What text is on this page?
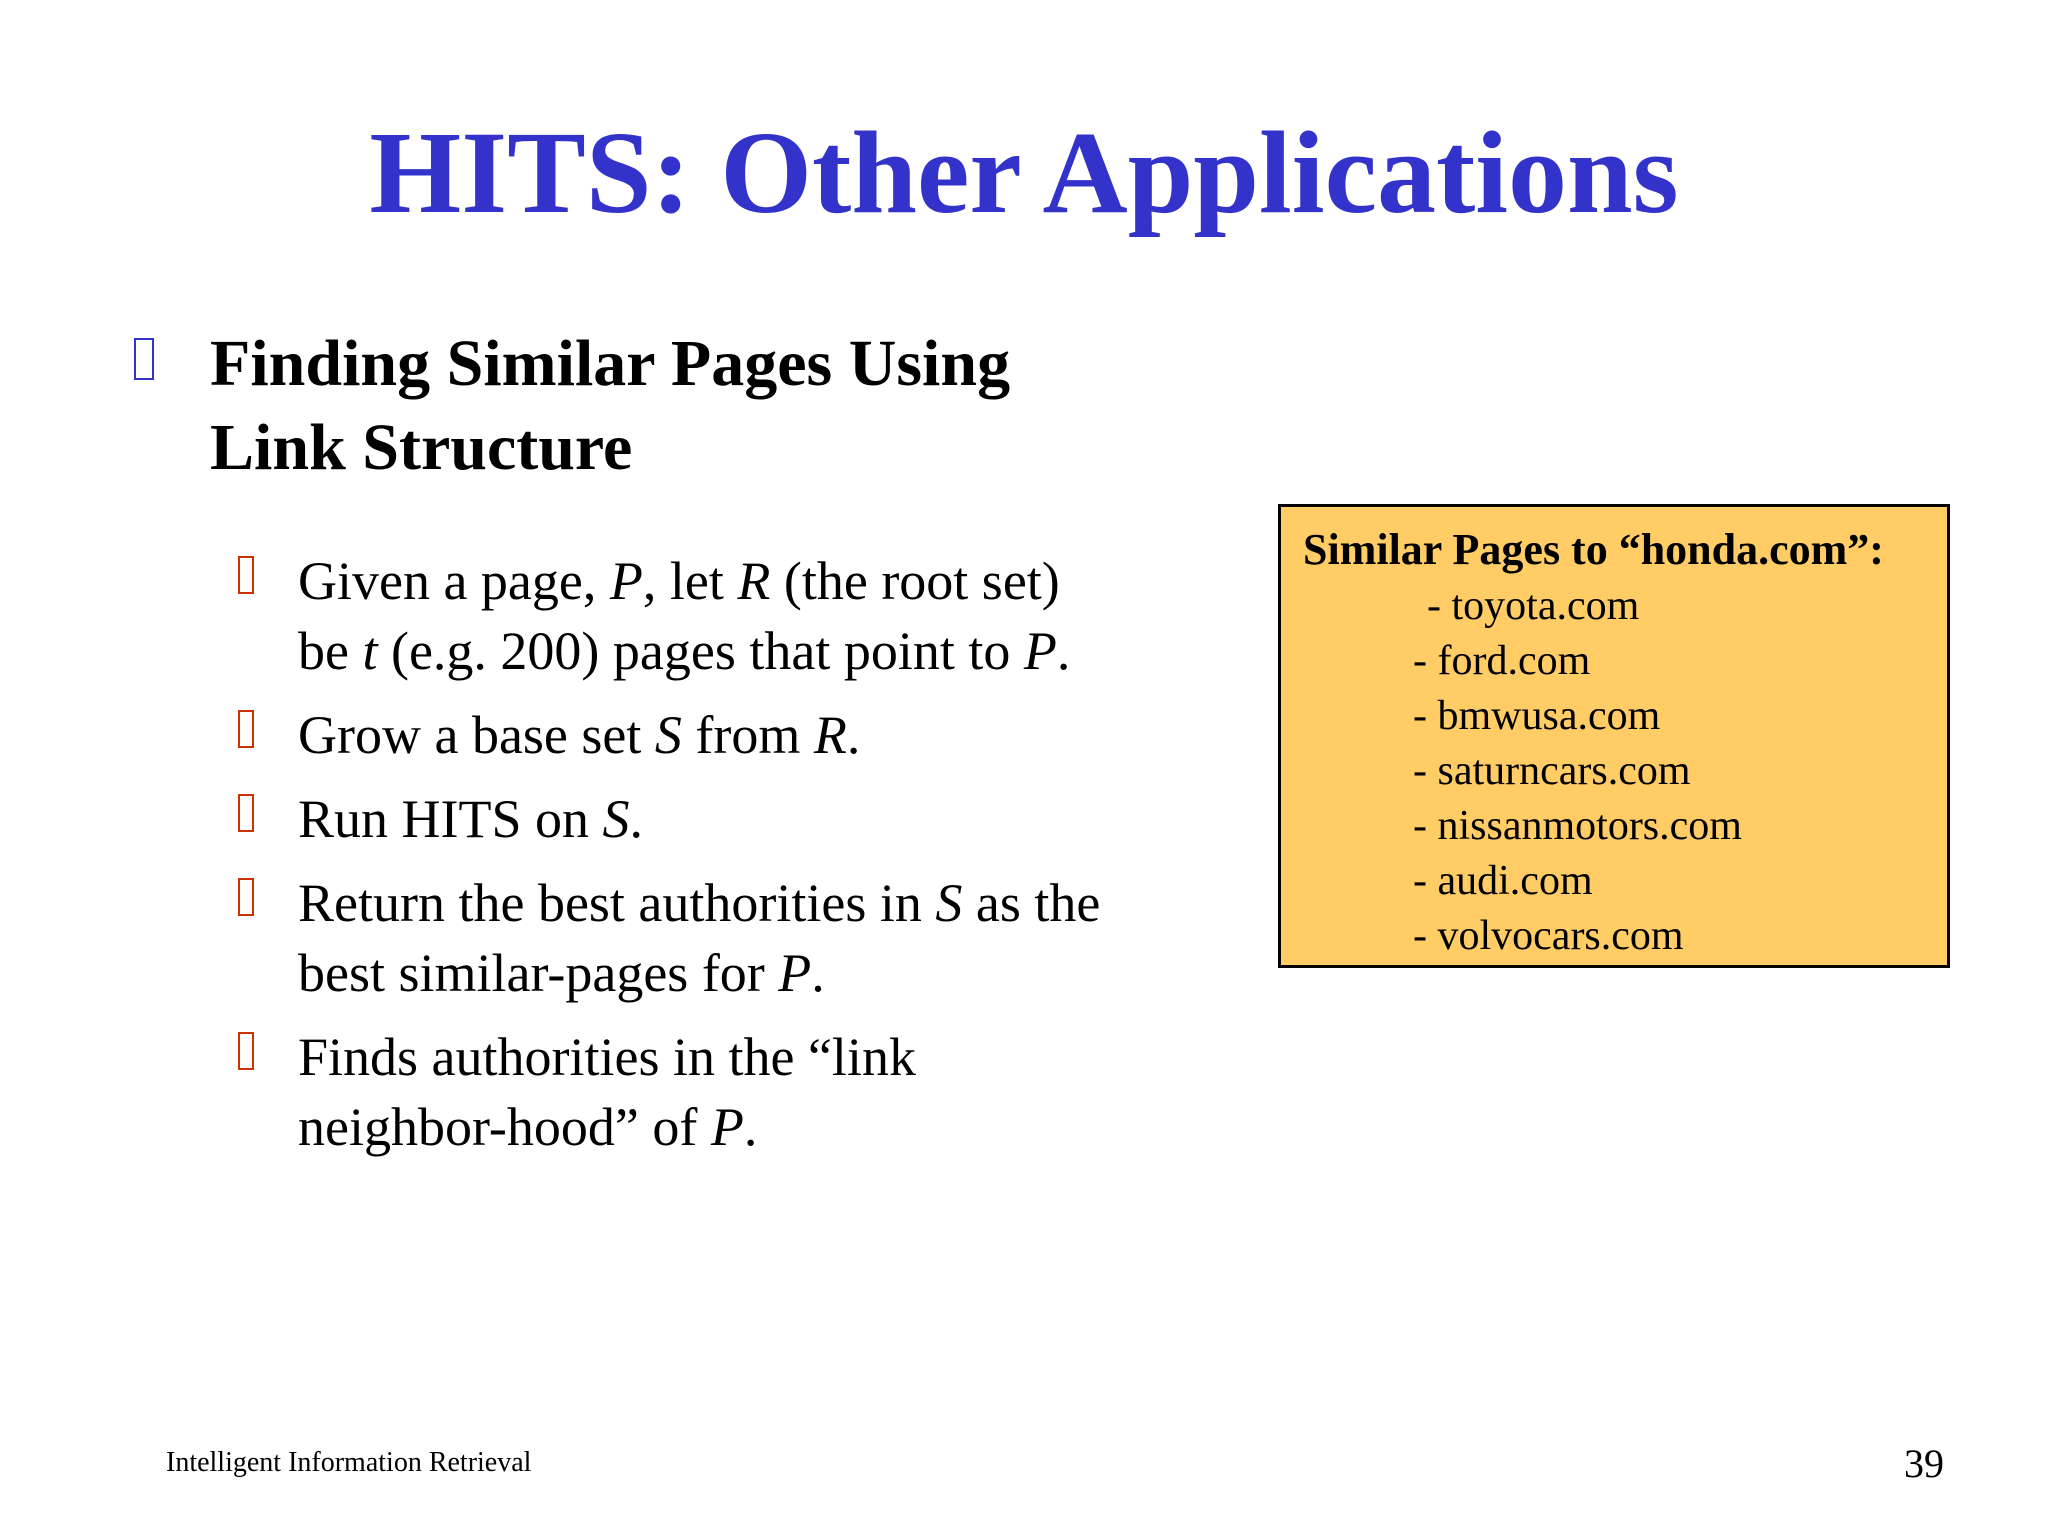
HITS: Other Applications
Finding Similar Pages Using
Link Structure
Given a page, P, let R (the root set)
be t (e.g. 200) pages that point to P.
Grow a base set S from R.
Run HITS on S.
Return the best authorities in S as the
best similar-pages for P.
Finds authorities in the “link
neighbor-hood” of P.
Similar Pages to “honda.com”:
- toyota.com
- ford.com
- bmwusa.com
- saturncars.com
- nissanmotors.com
- audi.com
- volvocars.com
Intelligent Information Retrieval	39
